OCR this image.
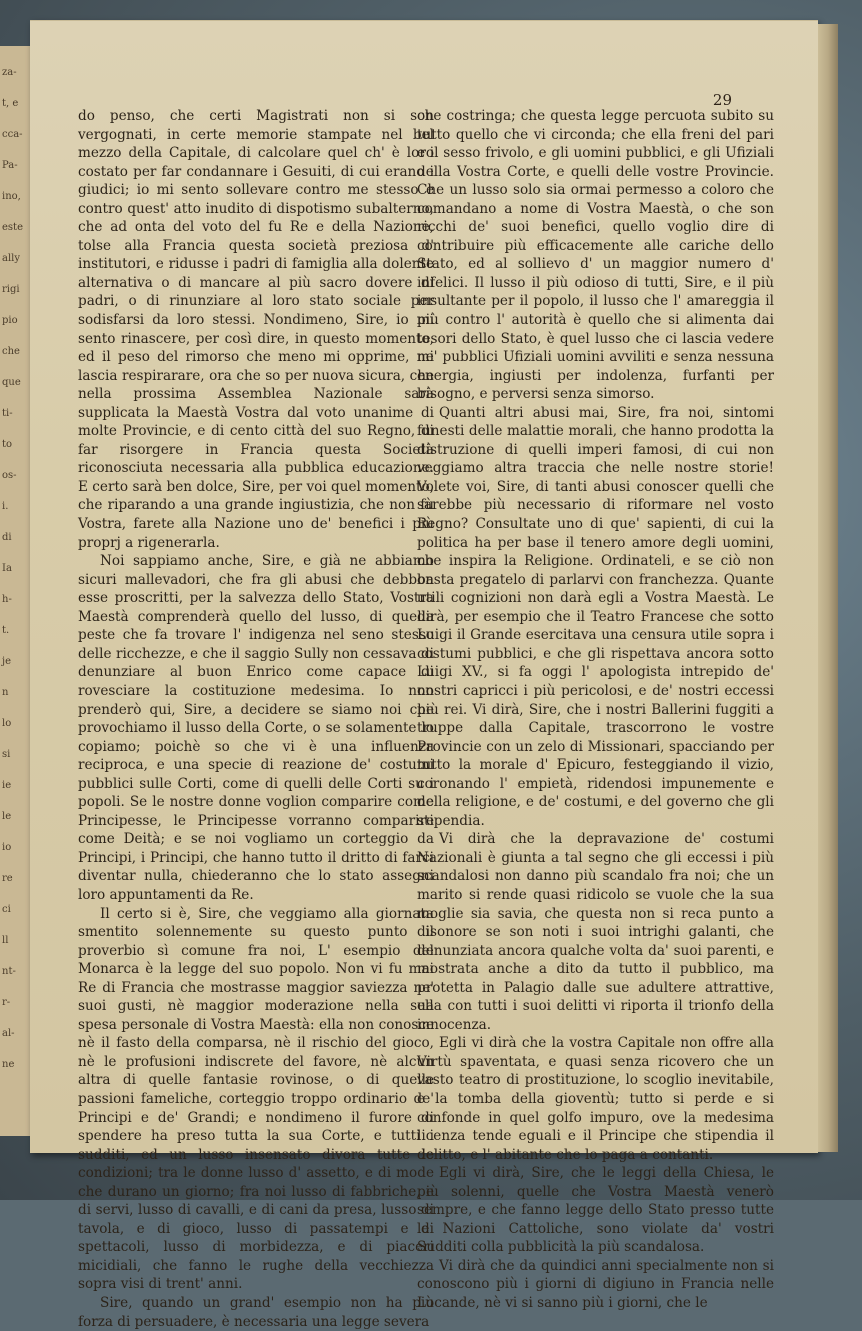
za-
t, e
cca-
Pa-
ino,
este
ally
rigi
pio
che
que
ti-
to
os-
i.
di
Ia
h-
t.
je
n
lo
si
ie
le
io
re
ci
ll
nt-
r-
al-
ne
29

do penso, che certi Magistrati non si son vergognati, in certe memorie stampate nel bel mezzo della Capitale, di calcolare quel ch' è loro costato per far condannare i Gesuiti, di cui erano i giudici; io mi sento sollevare contro me stesso e contro quest' atto inudito di dispotismo subalterno, che ad onta del voto del fu Re e della Nazione, tolse alla Francia questa società preziosa d' institutori, e ridusse i padri di famiglia alla dolente alternativa o di mancare al più sacro dovere di padri, o di rinunziare al loro stato sociale per sodisfarsi da loro stessi. Nondimeno, Sire, io mi sento rinascere, per così dire, in questo momento, ed il peso del rimorso che meno mi opprime, mi lascia respirarare, ora che so per nuova sicura, che nella prossima Assemblea Nazionale sarà supplicata la Maestà Vostra dal voto unanime di molte Provincie, e di cento città del suo Regno, di far risorgere in Francia questa Società riconosciuta necessaria alla pubblica educazione. E certo sarà ben dolce, Sire, per voi quel momento, che riparando a una grande ingiustizia, che non fù Vostra, farete alla Nazione uno de' benefici i più proprj a rigenerarla.

Noi sappiamo anche, Sire, e già ne abbiamo sicuri mallevadori, che fra gli abusi che debbon esse proscritti, per la salvezza dello Stato, Vostra Maestà comprenderà quello del lusso, di quella peste che fa trovare l' indigenza nel seno stesso delle ricchezze, e che il saggio Sully non cessava di denunziare al buon Enrico come capace di rovesciare la costituzione medesima. Io non prenderò qui, Sire, a decidere se siamo noi che provochiamo il lusso della Corte, o se solamente lo copiamo; poichè so che vi è una influenza reciproca, e una specie di reazione de' costumi pubblici sulle Corti, come di quelli delle Corti su i popoli. Se le nostre donne voglion comparire come Principesse, le Principesse vorranno comparire come Deità; e se noi vogliamo un corteggio da Principi, i Principi, che hanno tutto il dritto di farci diventar nulla, chiederanno che lo stato assegni loro appuntamenti da Re.

Il certo si è, Sire, che veggiamo alla giornata smentito solennemente su questo punto il proverbio sì comune fra noi, L' esempio del Monarca è la legge del suo popolo. Non vi fu mai Re di Francia che mostrasse maggior saviezza ne' suoi gusti, nè maggior moderazione nella sua spesa personale di Vostra Maestà: ella non conosce nè il fasto della comparsa, nè il rischio del gioco, nè le profusioni indiscrete del favore, nè alcun altra di quelle fantasie rovinose, o di quelle passioni fameliche, corteggio troppo ordinario de' Principi e de' Grandi; e nondimeno il furore di spendere ha preso tutta la sua Corte, e tutti i sudditi, ed un lusso insensato divora tutte le condizioni; tra le donne lusso d' assetto, e di mode che durano un giorno; fra noi lusso di fabbriche, e di servi, lusso di cavalli, e di cani da presa, lusso di tavola, e di gioco, lusso di passatempi e di spettacoli, lusso di morbidezza, e di piaceri micidiali, che fanno le rughe della vecchiezza sopra visi di trent' anni.

Sire, quando un grand' esempio non ha più forza di persuadere, è necessaria una legge severa

che costringa; che questa legge percuota subito su tutto quello che vi circonda; che ella freni del pari e il sesso frivolo, e gli uomini pubblici, e gli Ufiziali della Vostra Corte, e quelli delle vostre Provincie. Che un lusso solo sia ormai permesso a coloro che comandano a nome di Vostra Maestà, o che son ricchi de' suoi benefici, quello voglio dire di contribuire più efficacemente alle cariche dello Stato, ed al sollievo d' un maggior numero d' infelici. Il lusso il più odioso di tutti, Sire, e il più insultante per il popolo, il lusso che l' amareggia il più contro l' autorità è quello che si alimenta dai tesori dello Stato, è quel lusso che ci lascia vedere ne' pubblici Ufiziali uomini avviliti e senza nessuna energia, ingiusti per indolenza, furfanti per bisogno, e perversi senza simorso.

Quanti altri abusi mai, Sire, fra noi, sintomi funesti delle malattie morali, che hanno prodotta la distruzione di quelli imperi famosi, di cui non veggiamo altra traccia che nelle nostre storie! Volete voi, Sire, di tanti abusi conoscer quelli che sarebbe più necessario di riformare nel vosto Regno? Consultate uno di que' sapienti, di cui la politica ha per base il tenero amore degli uomini, che inspira la Religione. Ordinateli, e se ciò non basta pregatelo di parlarvi con franchezza. Quante utili cognizioni non darà egli a Vostra Maestà. Le dirà, per esempio che il Teatro Francese che sotto Luigi il Grande esercitava una censura utile sopra i costumi pubblici, e che gli rispettava ancora sotto Luigi XV., si fa oggi l' apologista intrepido de' nostri capricci i più pericolosi, e de' nostri eccessi più rei. Vi dirà, Sire, che i nostri Ballerini fuggiti a truppe dalla Capitale, trascorrono le vostre Provincie con un zelo di Missionari, spacciando per tutto la morale d' Epicuro, festeggiando il vizio, coronando l' empietà, ridendosi impunemente e della religione, e de' costumi, e del governo che gli stipendia.

Vi dirà che la depravazione de' costumi Nazionali è giunta a tal segno che gli eccessi i più scandalosi non danno più scandalo fra noi; che un marito si rende quasi ridicolo se vuole che la sua moglie sia savia, che questa non si reca punto a disonore se son noti i suoi intrighi galanti, che denunziata ancora qualche volta da' suoi parenti, e mostrata anche a dito da tutto il pubblico, ma protetta in Palagio dalle sue adultere attrattive, ella con tutti i suoi delitti vi riporta il trionfo della innocenza.

Egli vi dirà che la vostra Capitale non offre alla Virtù spaventata, e quasi senza ricovero che un vasto teatro di prostituzione, lo scoglio inevitabile, e la tomba della gioventù; tutto si perde e si confonde in quel golfo impuro, ove la medesima licenza tende eguali e il Principe che stipendia il delitto, e l' abitante che lo paga a contanti.

Egli vi dirà, Sire, che le leggi della Chiesa, le più solenni, quelle che Vostra Maestà venerò sempre, e che fanno legge dello Stato presso tutte le Nazioni Cattoliche, sono violate da' vostri Sudditi colla pubblicità la più scandalosa.

Vi dirà che da quindici anni specialmente non si conoscono più i giorni di digiuno in Francia nelle Locande, nè vi si sanno più i giorni, che le
